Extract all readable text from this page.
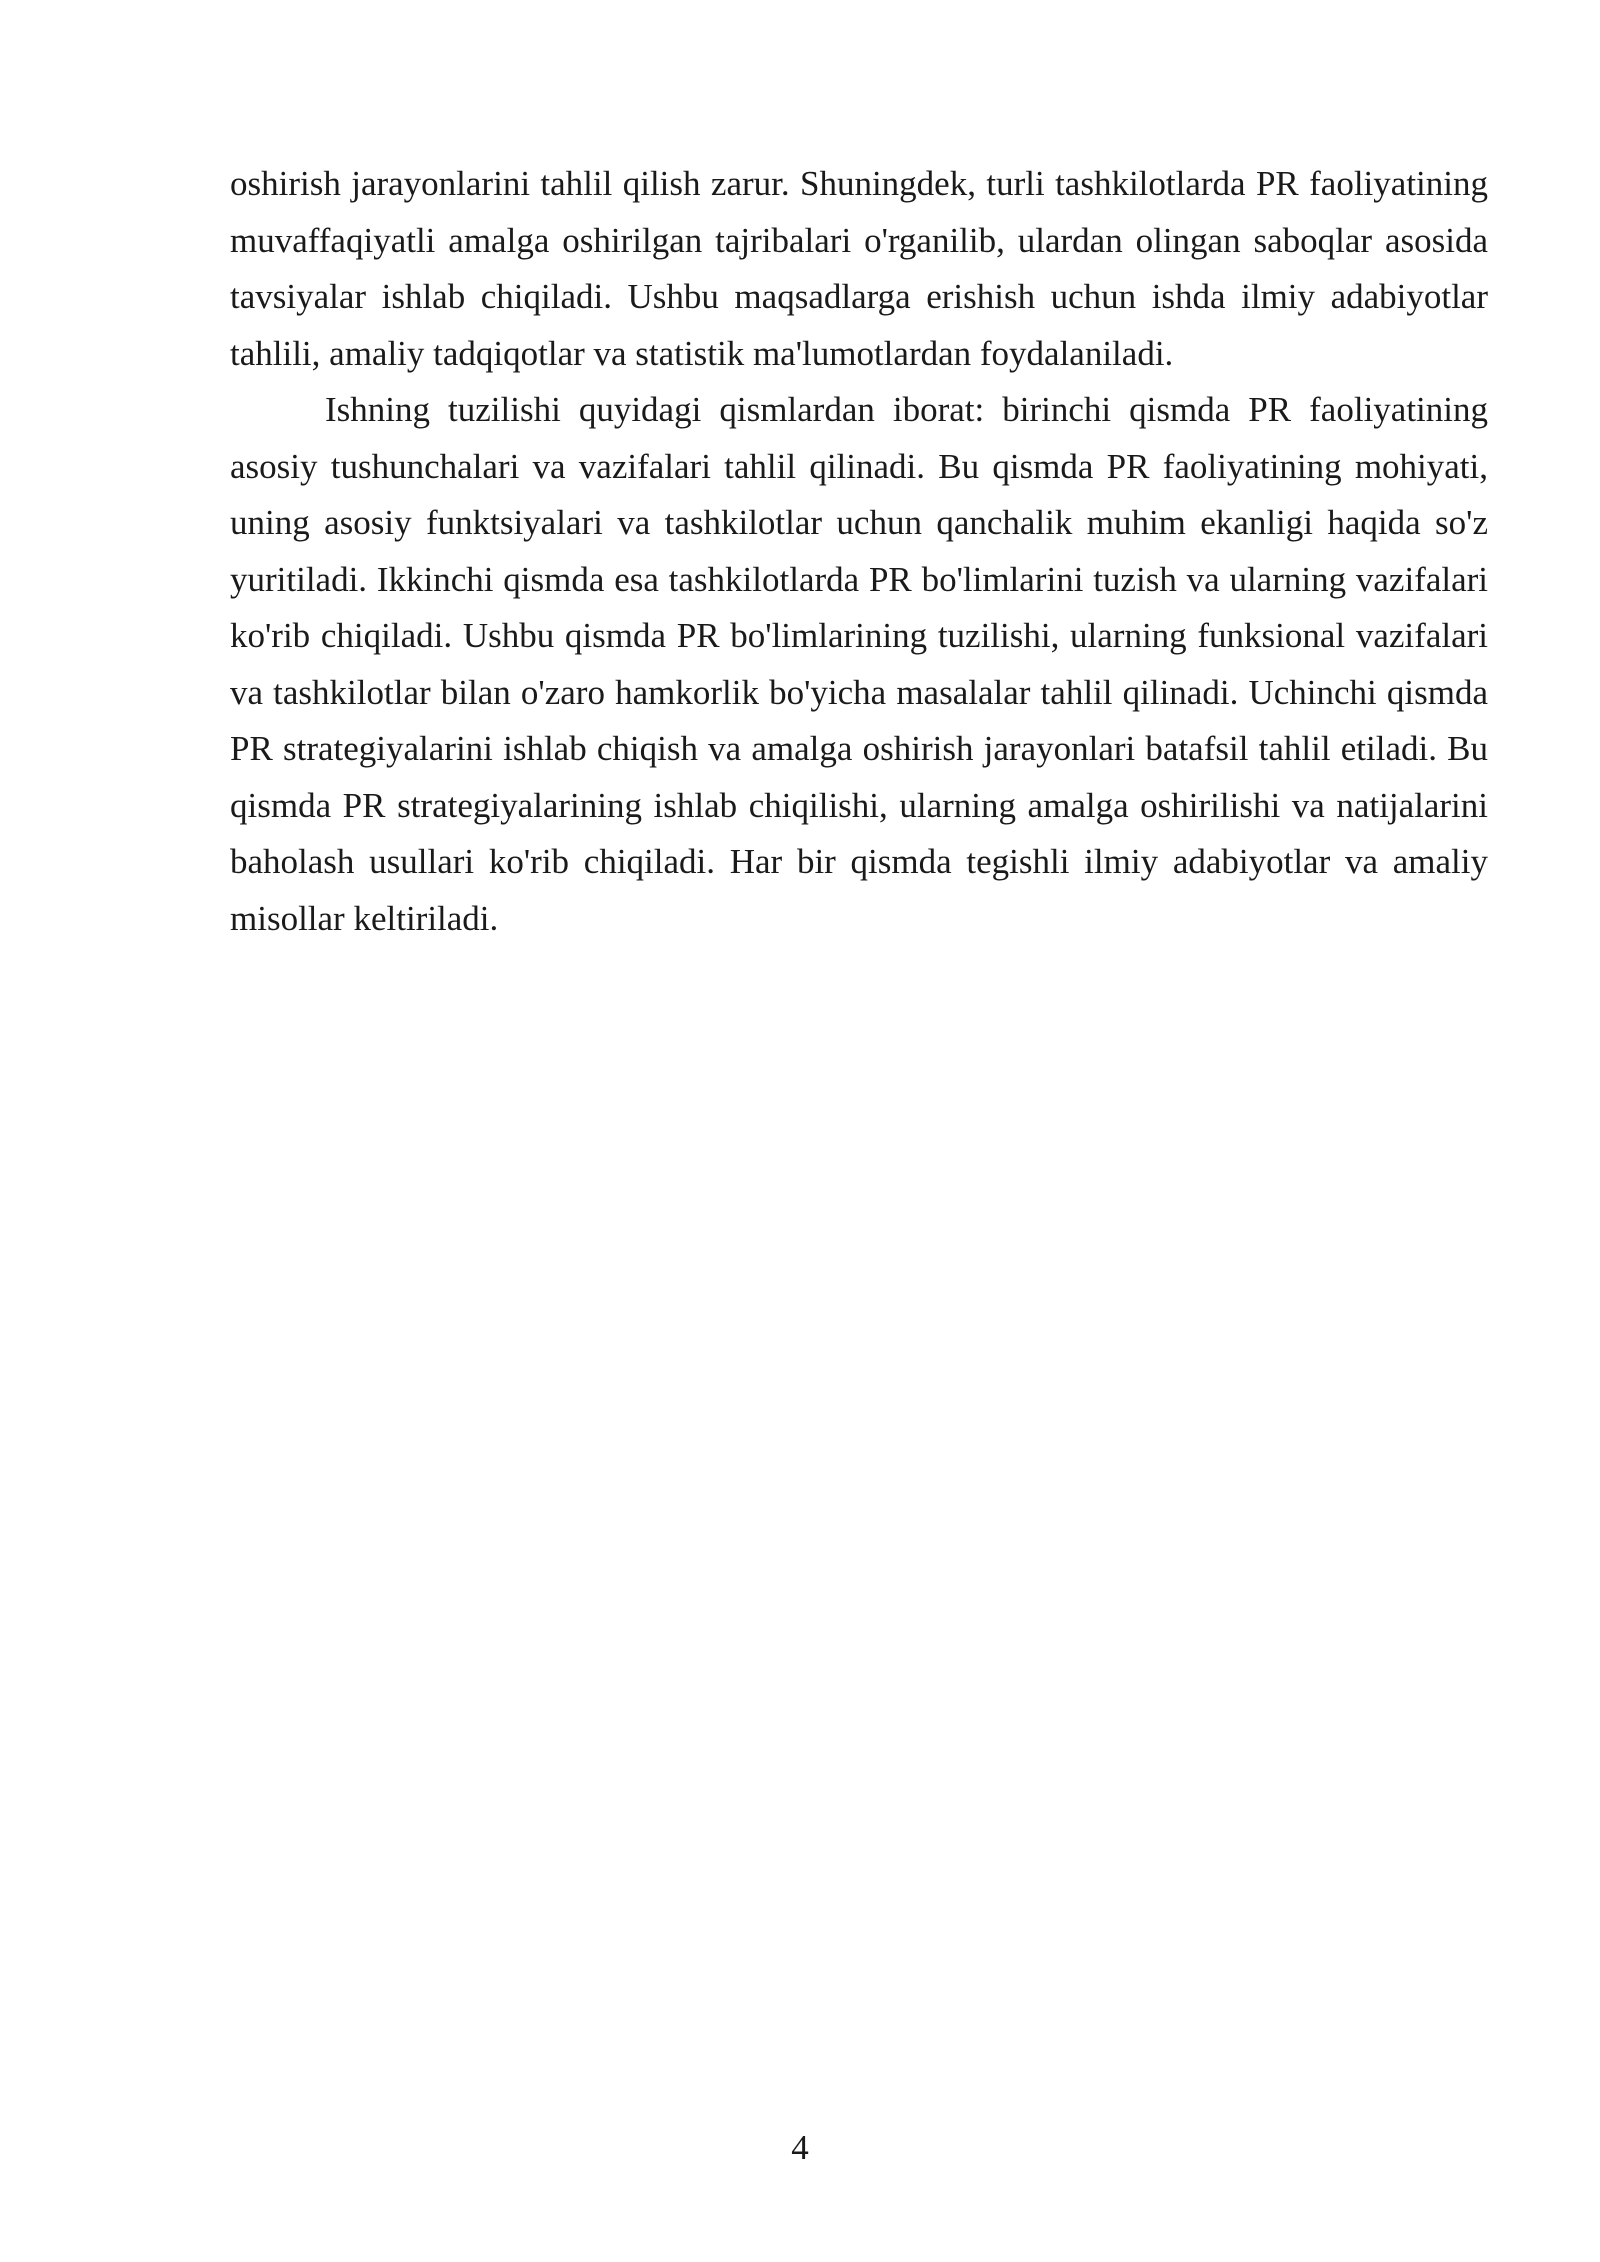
oshirish jarayonlarini tahlil qilish zarur. Shuningdek, turli tashkilotlarda PR faoliyatining muvaffaqiyatli amalga oshirilgan tajribalari o'rganilib, ulardan olingan saboqlar asosida tavsiyalar ishlab chiqiladi. Ushbu maqsadlarga erishish uchun ishda ilmiy adabiyotlar tahlili, amaliy tadqiqotlar va statistik ma'lumotlardan foydalaniladi.

Ishning tuzilishi quyidagi qismlardan iborat: birinchi qismda PR faoliyatining asosiy tushunchalari va vazifalari tahlil qilinadi. Bu qismda PR faoliyatining mohiyati, uning asosiy funktsiyalari va tashkilotlar uchun qanchalik muhim ekanligi haqida so'z yuritiladi. Ikkinchi qismda esa tashkilotlarda PR bo'limlarini tuzish va ularning vazifalari ko'rib chiqiladi. Ushbu qismda PR bo'limlarining tuzilishi, ularning funksional vazifalari va tashkilotlar bilan o'zaro hamkorlik bo'yicha masalalar tahlil qilinadi. Uchinchi qismda PR strategiyalarini ishlab chiqish va amalga oshirish jarayonlari batafsil tahlil etiladi. Bu qismda PR strategiyalarining ishlab chiqilishi, ularning amalga oshirilishi va natijalarini baholash usullari ko'rib chiqiladi. Har bir qismda tegishli ilmiy adabiyotlar va amaliy misollar keltiriladi.

4
